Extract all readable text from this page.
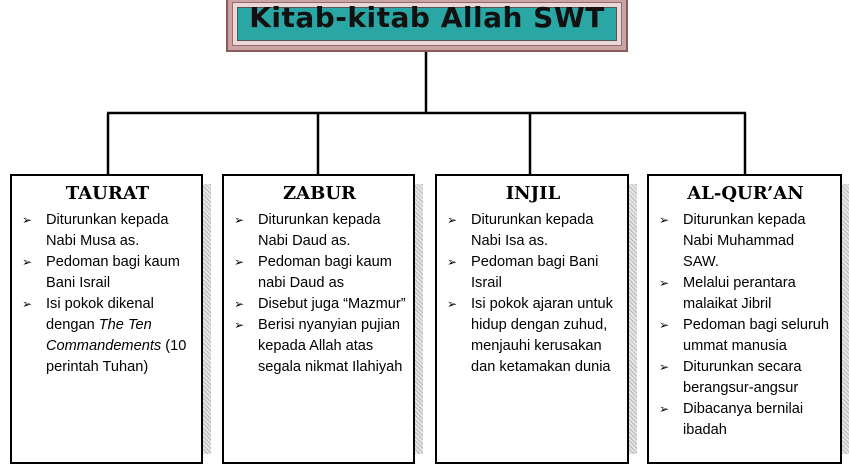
Kitab-kitab Allah SWT
TAURAT
➢ Diturunkan kepada Nabi Musa as.
➢ Pedoman bagi kaum Bani Israil
➢ Isi pokok dikenal dengan The Ten Commandements (10 perintah Tuhan)
ZABUR
➢ Diturunkan kepada Nabi Daud as.
➢ Pedoman bagi kaum nabi Daud as
➢ Disebut juga “Mazmur”
➢ Berisi nyanyian pujian kepada Allah atas segala nikmat Ilahiyah
INJIL
➢ Diturunkan kepada Nabi Isa as.
➢ Pedoman bagi Bani Israil
➢ Isi pokok ajaran untuk hidup dengan zuhud, menjauhi kerusakan dan ketamakan dunia
AL-QUR’AN
➢ Diturunkan kepada Nabi Muhammad SAW.
➢ Melalui perantara malaikat Jibril
➢ Pedoman bagi seluruh ummat manusia
➢ Diturunkan secara berangsur-angsur
➢ Dibacanya bernilai ibadah
